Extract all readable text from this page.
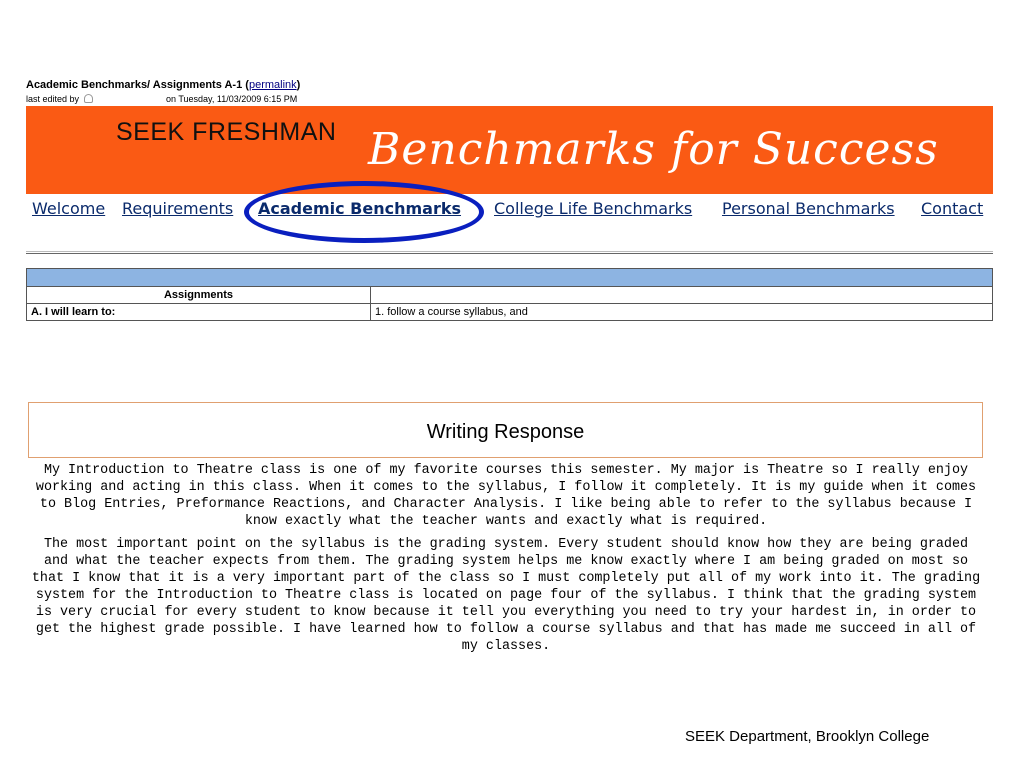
Academic Benchmarks/ Assignments A-1 (permalink)
last edited by	on Tuesday, 11/03/2009 6:15 PM
SEEK FRESHMAN Benchmarks for Success
Welcome Requirements Academic Benchmarks College Life Benchmarks Personal Benchmarks Contact

Assignments	
A. I will learn to:	1. follow a course syllabus, and
Writing Response

My Introduction to Theatre class is one of my favorite courses this semester. My major is Theatre so I really enjoy working and acting in this class. When it comes to the syllabus, I follow it completely. It is my guide when it comes to Blog Entries, Preformance Reactions, and Character Analysis. I like being able to refer to the syllabus because I know exactly what the teacher wants and exactly what is required.

The most important point on the syllabus is the grading system. Every student should know how they are being graded and what the teacher expects from them. The grading system helps me know exactly where I am being graded on most so that I know that it is a very important part of the class so I must completely put all of my work into it. The grading system for the Introduction to Theatre class is located on page four of the syllabus. I think that the grading system is very crucial for every student to know because it tell you everything you need to try your hardest in, in order to get the highest grade possible. I have learned how to follow a course syllabus and that has made me succeed in all of my classes.

SEEK Department, Brooklyn College
